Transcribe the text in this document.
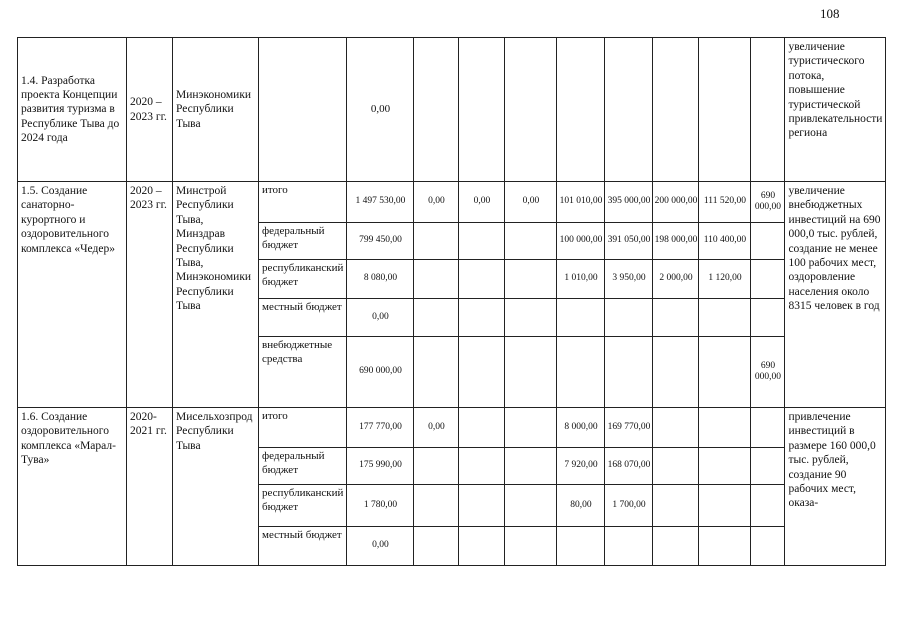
108
1.4. Разработка проекта Концепции развития туризма в Республике Тыва до 2024 года	2020 – 2023 гг.	Минэкономики Республики Тыва		0,00									увеличение туристического потока, повышение туристической привлекательности региона
1.5. Создание санаторно-курортного и оздоровительного комплекса «Чедер»	2020 – 2023 гг.	Минстрой Республики Тыва, Минздрав Республики Тыва, Минэкономики Республики Тыва	итого	1 497 530,00	0,00	0,00	0,00	101 010,00	395 000,00	200 000,00	111 520,00	690 000,00	увеличение внебюджетных инвестиций на 690 000,0 тыс. рублей, создание не менее 100 рабочих мест, оздоровление населения около 8315 человек в год
			федеральный бюджет	799 450,00				100 000,00	391 050,00	198 000,00	110 400,00		
			республиканский бюджет	8 080,00				1 010,00	3 950,00	2 000,00	1 120,00		
			местный бюджет	0,00									
			внебюджетные средства	690 000,00								690 000,00	
1.6. Создание оздоровительного комплекса «Марал-Тува»	2020-2021 гг.	Мисельхозпрод Республики Тыва	итого	177 770,00	0,00			8 000,00	169 770,00				привлечение инвестиций в размере 160 000,0 тыс. рублей, создание 90 рабочих мест, оказа-
			федеральный бюджет	175 990,00				7 920,00	168 070,00				
			республиканский бюджет	1 780,00				80,00	1 700,00				
			местный бюджет	0,00									
